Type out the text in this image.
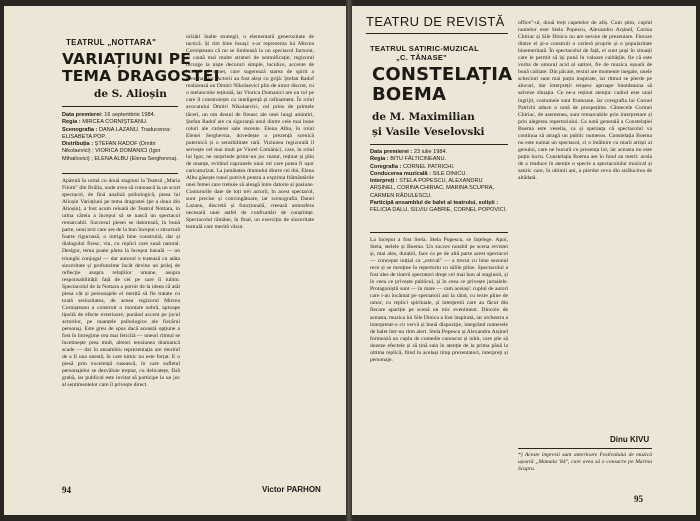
TEATRUL „NOTTARA"
VARIAȚIUNI PE
TEMA DRAGOSTEI
de S. Alioșin

Data premierei: 16 septembrie 1984.

Regia : MIRCEA CORNIȘTEANU.

Scenografia : DANA LAZANU. Traducerea: ELISABETA POP.

Distribuția : ȘTEFAN RADOF (Dmitri Nikolaevici) ; VIORICA DOMANICI (Igor Mihailovici) ; ELENA ALBU (Elena Serghevna).

Apărută în urmă cu două stagiuni la Teatrul „Maria Filotti" din Brăila, unde avea să cunoască la un scurt spectacol, de fină analiză psihologică, piesa lui Alioșin Variațiuni pe tema dragostei (pe a doua din Alioșin), a fost acum reluată de Teatrul Nottara, în urma căreia a început să se nască un spectacol remarcabil. Succesul piesei se datorează, în bună parte, unui text care are de la bun început o structură foarte riguroasă, o intrigă bine construită, dar și dialogului firesc, viu, cu replici care sună natural. Desigur, tema poate părea la început banală — un triunghi conjugal — dar autorul o tratează cu atâta sinceritate și profunzime încât devine un prilej de reflecție asupra relațiilor umane, asupra responsabilității față de cei pe care îi iubim. Spectacolul de la Nottara a pornit de la ideea că atât piesa cât și personajele ei merită să fie tratate cu toată seriozitatea, de aceea regizorul Mircea Cornișteanu a construit o montare sobră, aproape lipsită de efecte exterioare, punând accent pe jocul actorilor, pe nuanțele psihologice ale fiecărui personaj. Este greu de spus dacă această opțiune a fost în întregime cea mai fericită — uneori ritmul se încetinește prea mult, alteori tensiunea dramatică scade — dar în ansamblu reprezentația are meritul de a fi una onestă, în care nimic nu este forțat. E o piesă prin excelență rusească, în care sufletul personajelor se dezvăluie treptat, cu delicatețe, fără grabă, iar publicul este invitat să participe la un joc al sentimentelor care îl privește direct.

orizări înalte strategii, o elementară generozitate de tactică. Și tim bine însuși: s-ar reprezenta lui Mircea Cornișteanu că nu se limitează la un spectacol facturat, ci caută mai multe straturi de semnificație; regizorul recurge la niște decoruri simple, lucidice, accente de lumină și sunet, care sugerează starea de spirit a personajelor. Actorii au fost aleși cu grijă: Ștefan Radof realizează un Dmitri Nikolaevici plin de umor discret, cu o melancolie reținută, iar Viorica Domanici are un rol pe care îl construiește cu inteligență și rafinament. În rolul avocatului Dmitri Nikolaevici, cel prins de primele tăceri, un om destul de fireasc ale unei lungi amintiri, Ștefan Radof are cu siguranță unul dintre cele mai bune roluri ale carierei sale recente. Elena Albu, în rolul Elenei Serghevna, dovedește o prezență scenică puternică și o sensibilitate rară. Viziunea regizorală îl servește cel mai mult pe Viorel Comănici, care, în rolul lui Igor, ne surprinde printr-un joc matur, reținut și plin de nuanțe, evitând capcanele unui rol care putea fi ușor caricaturizat. La jumătatea drumului dintre cei doi, Elena Albu găsește tonul potrivit pentru a exprima frământările unei femei care trebuie să aleagă între datorie și pasiune. Contururile date de toți trei actorii, în acest spectacol, sunt precise și convingătoare, iar scenografia Danei Lazanu, discretă și funcțională, creează atmosfera necesară unei astfel de confruntări de conștiințe. Spectacolul rămâne, în final, un exercițiu de sinceritate teatrală care merită văzut.

Victor PARHON
94
TEATRU DE REVISTĂ
TEATRUL SATIRIC-MUZICAL
„C. TĂNASE"
CONSTELAȚIA
BOEMA
de M. Maximilian
și Vasile Veselovski

Data premierei : 23 iulie 1984.

Regia : BITU FĂLTICINEANU.

Coregrafia : CORNEL PATRICHI.

Conducerea muzicală : SILE DINICU.

Interpreți : STELA POPESCU, ALEXANDRU ARȘINEL, CORINA CHIRIAC, MARINA SCUPRA, CARMEN RĂDULESCU.

Participă ansamblul de balet al teatrului, soliști : FELICIA DALU, SILVIU GABRIE, CORNEL POPOVICI.

La început a fost Stela. Stela Popescu, se înțelege. Apoi, Stela, stelele și Boema. Un succes notabil pe scena revistei și, mai ales, durabil, face ca pe de altă parte acest spectacol — conceput inițial ca „estival" — a trecut cu bine sezonul rece și se menține în repertoriu cu sălile pline. Spectacolul a fost ales de tinerii spectatori drept cel mai bun al stagiunii, și în ceea ce privește publicul, și în ceea ce privește jurnalele. Protagoniștii sunt — în mare — cam aceiași: cuplul de autori care i-au încântat pe spectatori ani la rând, cu texte pline de umor, cu replici spirituale, și interpretii care au făcut din fiecare apariție pe scenă un mic eveniment. Dincolo de aceasta, muzica lui Sile Dinicu a fost inspirată, iar orchestra a interpretat-o cu vervă și bună dispoziție, integrând numerele de balet într-un ritm alert. Stela Popescu și Alexandru Arșinel formează un cuplu de comedie cunoscut și iubit, care știe să dozeze efectele și să țină sala în atenție de la prima până la ultima replică, fiind în același timp prezentatori, interpreți și personaje.

office"-ul, două treți capetelor de afiș. Cum știm, cuplul numelor este Stela Popescu, Alexandru Arșinel, Corina Chiriac și Sile Dinicu nu are nevoie de prezentare. Fiecare dintre ei și-a construit o carieră proprie și o popularitate binemeritată. În spectacolul de față, ei sunt puși în situații care le permit să își pună în valoare calitățile, fie că este vorba de umorul acid al satirei, fie de muzica ușoară de bună calitate. Din păcate, textul are momente inegale, unele scheciuri sunt mai puțin inspirate, iar ritmul se pierde pe alocuri, dar interpreții reușesc aproape întotdeauna să salveze situația. Ce ne-a reținut atenția: cadrul este unul îngrijit, costumele sunt frumoase, iar coregrafia lui Cornel Patrichi aduce o notă de prospețime. Cântecele Corinei Chiriac, de asemenea, sunt remarcabile prin interpretare și prin alegerea repertoriului. Ca notă generală a Constelației Boema este veselia, ca și speranța că spectacolul va continua să atragă un public numeros. Constelația Boema nu este numai un spectacol, ci o întâlnire cu marii artiști ai genului, care ne bucură cu prezența lor, iar aceasta nu este puțin lucru. Constelația Boema are în fond un merit: acela de a readuce în atenție o specie a spectacolului muzical și satiric care, în ultimii ani, a pierdut ceva din strălucirea de altădată.

Dinu KIVU

*) Aceste impresii sunt anterioare Festivalului de muzică ușoară „Mamaia '84", care avea să o consacre pe Marina Scupra.

95
